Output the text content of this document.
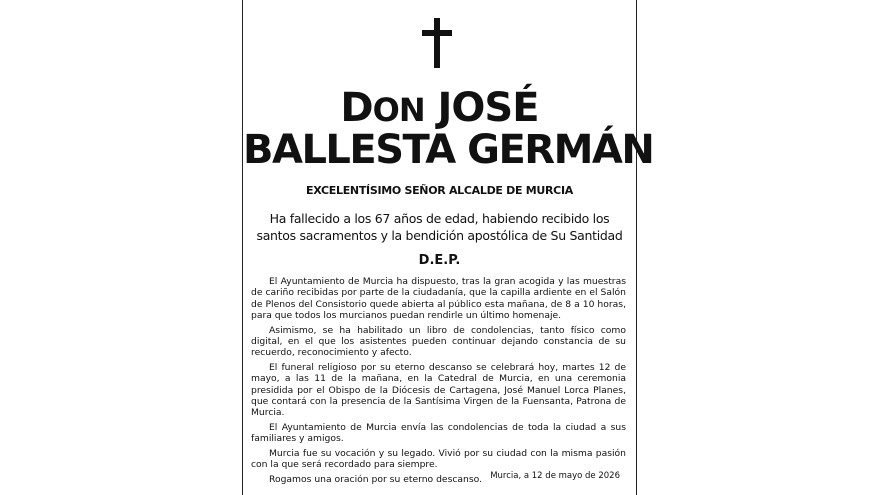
DON JOSÉ
BALLESTA GERMÁN
EXCELENTÍSIMO SEÑOR ALCALDE DE MURCIA
Ha fallecido a los 67 años de edad, habiendo recibido los santos sacramentos y la bendición apostólica de Su Santidad
D.E.P.

El Ayuntamiento de Murcia ha dispuesto, tras la gran acogida y las muestras de cariño recibidas por parte de la ciudadanía, que la capilla ardiente en el Salón de Plenos del Consistorio quede abierta al público esta mañana, de 8 a 10 horas, para que todos los murcianos puedan rendirle un último homenaje.

Asimismo, se ha habilitado un libro de condolencias, tanto físico como digital, en el que los asistentes pueden continuar dejando constancia de su recuerdo, reconocimiento y afecto.

El funeral religioso por su eterno descanso se celebrará hoy, martes 12 de mayo, a las 11 de la mañana, en la Catedral de Murcia, en una ceremonia presidida por el Obispo de la Diócesis de Cartagena, José Manuel Lorca Planes, que contará con la presencia de la Santísima Virgen de la Fuensanta, Patrona de Murcia.

El Ayuntamiento de Murcia envía las condolencias de toda la ciudad a sus familiares y amigos.

Murcia fue su vocación y su legado. Vivió por su ciudad con la misma pasión con la que será recordado para siempre.

Rogamos una oración por su eterno descanso. Murcia, a 12 de mayo de 2026
